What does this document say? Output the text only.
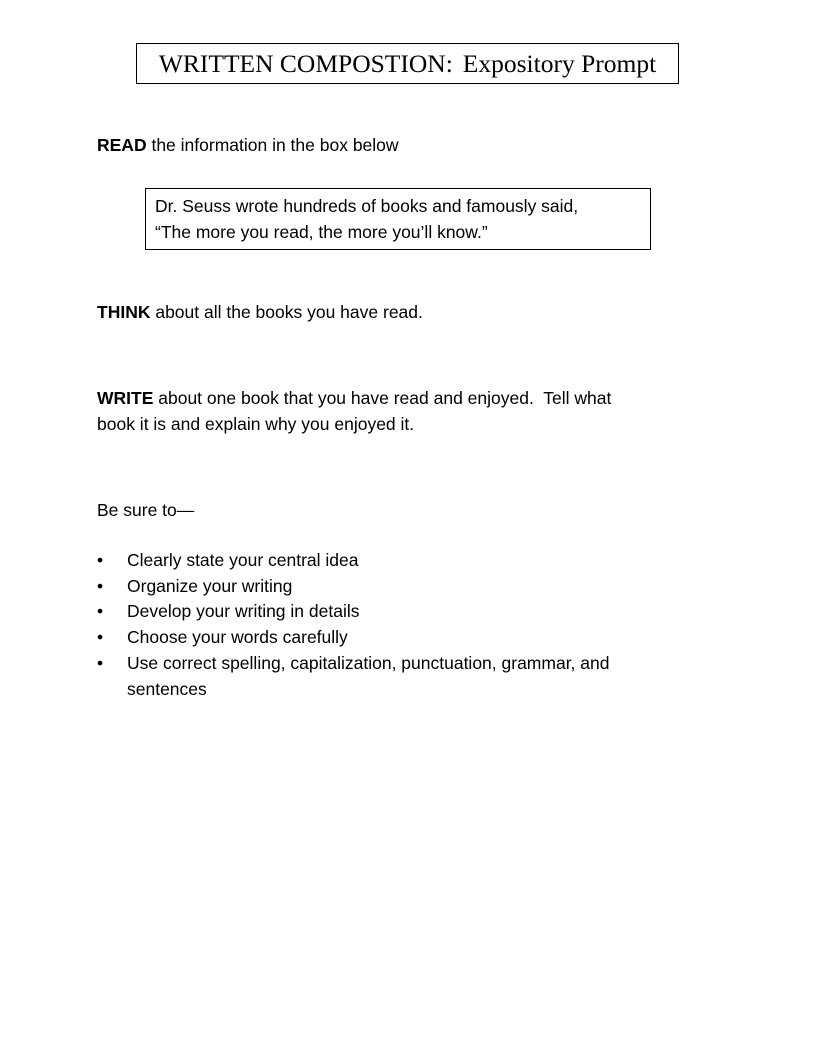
WRITTEN COMPOSTION: Expository Prompt
READ the information in the box below
Dr. Seuss wrote hundreds of books and famously said,
“The more you read, the more you’ll know.”
THINK about all the books you have read.
WRITE about one book that you have read and enjoyed.  Tell what
book it is and explain why you enjoyed it.
Be sure to—
• Clearly state your central idea
• Organize your writing
• Develop your writing in details
• Choose your words carefully
• Use correct spelling, capitalization, punctuation, grammar, and sentences
